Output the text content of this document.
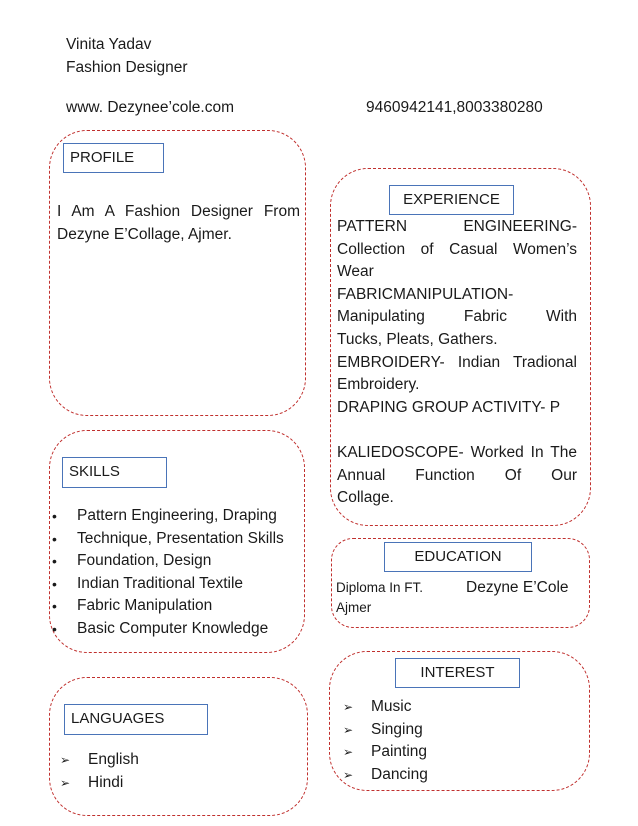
Vinita Yadav
Fashion Designer
www. Dezynee’cole.com	9460942141,8003380280
PROFILE
I Am A Fashion Designer From
Dezyne E’Collage, Ajmer.
EXPERIENCE
PATTERN ENGINEERING-
Collection of Casual Women’s
Wear
FABRICMANIPULATION-
Manipulating Fabric With
Tucks, Pleats, Gathers.
EMBROIDERY- Indian Tradional
Embroidery.
DRAPING GROUP ACTIVITY- P
KALIEDOSCOPE- Worked In The
Annual Function Of Our
Collage.
SKILLS
• Pattern Engineering, Draping
• Technique, Presentation Skills
• Foundation, Design
• Indian Traditional Textile
• Fabric Manipulation
• Basic Computer Knowledge
EDUCATION
Diploma In FT.
Ajmer
Dezyne E’Cole
INTEREST
➢ Music
➢ Singing
➢ Painting
➢ Dancing
LANGUAGES
➢ English
➢ Hindi
